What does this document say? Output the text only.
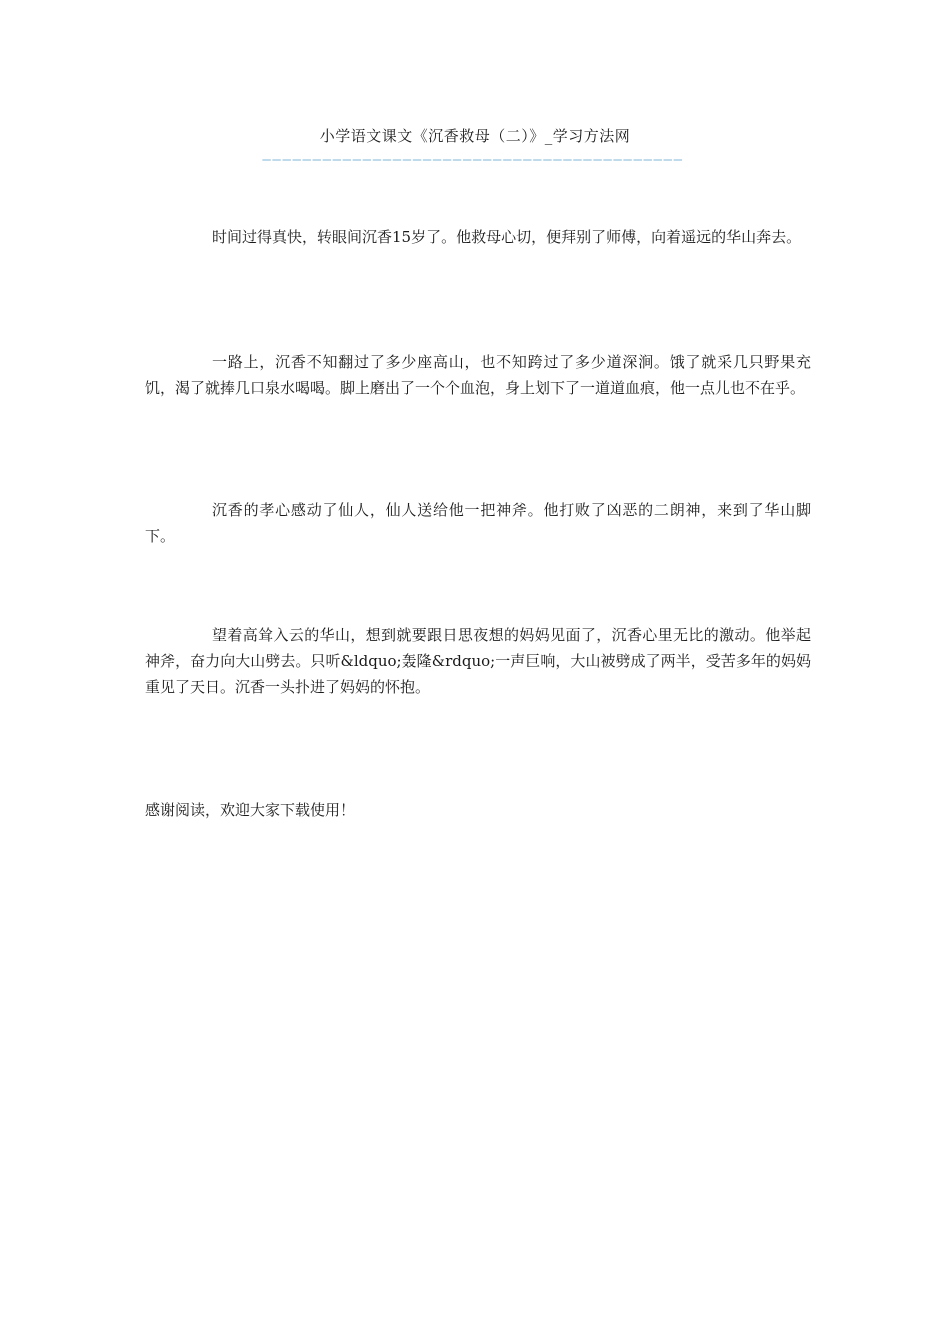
小学语文课文《沉香救母（二）》_学习方法网
——————————————————————————————————————————

时间过得真快，转眼间沉香15岁了。他救母心切，便拜别了师傅，向着遥远的华山奔去。

一路上，沉香不知翻过了多少座高山，也不知跨过了多少道深涧。饿了就采几只野果充饥，渴了就捧几口泉水喝喝。脚上磨出了一个个血泡，身上划下了一道道血痕，他一点儿也不在乎。

沉香的孝心感动了仙人，仙人送给他一把神斧。他打败了凶恶的二朗神，来到了华山脚下。

望着高耸入云的华山，想到就要跟日思夜想的妈妈见面了，沉香心里无比的激动。他举起神斧，奋力向大山劈去。只听&ldquo;轰隆&rdquo;一声巨响，大山被劈成了两半，受苦多年的妈妈重见了天日。沉香一头扑进了妈妈的怀抱。

感谢阅读，欢迎大家下载使用！
